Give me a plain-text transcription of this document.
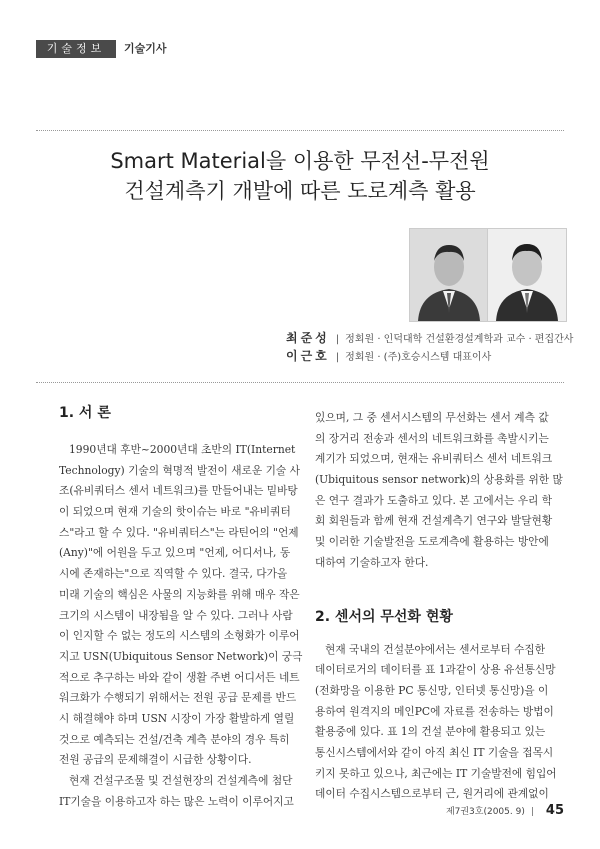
기술정보	기술기사
Smart Material을 이용한 무전선-무전원
건설계측기 개발에 따른 도로계측 활용
최준성 | 정회원 · 인덕대학 건설환경설계학과 교수 · 편집간사
이근호 | 정회원 · (주)호승시스템 대표이사
1. 서 론
1990년대 후반~2000년대 초반의 IT(Internet
Technology) 기술의 혁명적 발전이 새로운 기술 사
조(유비쿼터스 센서 네트워크)를 만들어내는 밑바탕
이 되었으며 현재 기술의 핫이슈는 바로 "유비쿼터
스"라고 할 수 있다. "유비쿼터스"는 라틴어의 "언제
(Any)"에 어원을 두고 있으며 "언제, 어디서나, 동
시에 존재하는"으로 직역할 수 있다. 결국, 다가올
미래 기술의 핵심은 사물의 지능화를 위해 매우 작은
크기의 시스템이 내장됨을 알 수 있다. 그러나 사람
이 인지할 수 없는 정도의 시스템의 소형화가 이루어
지고 USN(Ubiquitous Sensor Network)이 궁극
적으로 추구하는 바와 같이 생활 주변 어디서든 네트
워크화가 수행되기 위해서는 전원 공급 문제를 반드
시 해결해야 하며 USN 시장이 가장 활발하게 열릴
것으로 예측되는 건설/건축 계측 분야의 경우 특히
전원 공급의 문제해결이 시급한 상황이다.
현재 건설구조물 및 건설현장의 건설계측에 첨단
IT기술을 이용하고자 하는 많은 노력이 이루어지고
있으며, 그 중 센서시스템의 무선화는 센서 계측 값
의 장거리 전송과 센서의 네트워크화를 촉발시키는
계기가 되었으며, 현재는 유비쿼터스 센서 네트워크
(Ubiquitous sensor network)의 상용화를 위한 많
은 연구 결과가 도출하고 있다. 본 고에서는 우리 학
회 회원들과 함께 현재 건설계측기 연구와 발달현황
및 이러한 기술발전을 도로계측에 활용하는 방안에
대하여 기술하고자 한다.
2. 센서의 무선화 현황
현재 국내의 건설분야에서는 센서로부터 수집한
데이터로거의 데이터를 표 1과같이 상용 유선통신망
(전화망을 이용한 PC 통신망, 인터넷 통신망)을 이
용하여 원격지의 메인PC에 자료를 전송하는 방법이
활용중에 있다. 표 1의 건설 분야에 활용되고 있는
통신시스템에서와 같이 아직 최신 IT 기술을 접목시
키지 못하고 있으나, 최근에는 IT 기술발전에 힘입어
데이터 수집시스템으로부터 근, 원거리에 관계없이
제7권3호(2005. 9) | 45
